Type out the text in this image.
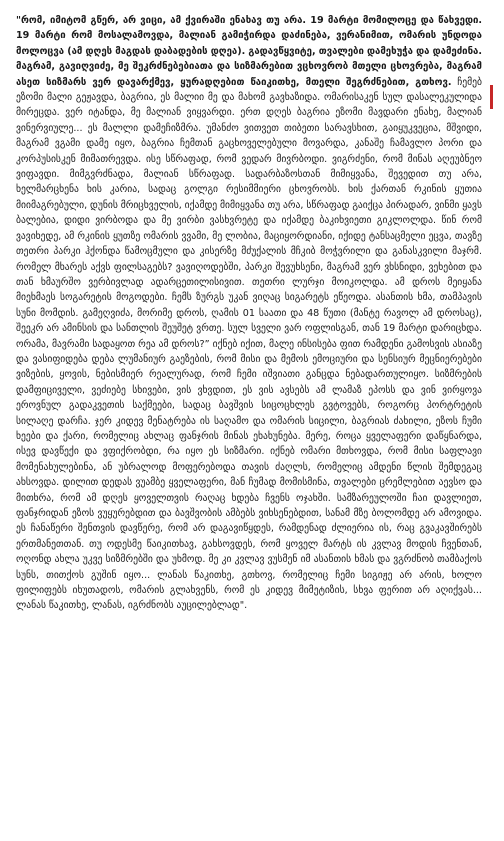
"რომ, იმიტომ გწერ, არ ვიცი, ამ ქვირაში ენახავ თუ არა. 19 მარტი მომილოცე და წახვედი. 19 მარტი რომ მოსალამოვდა, მალიან გამიჭირდა დაძინება, ვერანიმით, ომარის უნდოდა მოლოცვა (ამ დღეს მაგდას დაბადების დღეა). გადავწყვიტე, თვალები დამეხუჭა და დამეძინა. მაგრამ, გავიღვიძე, მე შეკრძნებებიათა და სიზმარებით ვცხოვრობ მთელი ცხოვრება, მაგრამ ასეთ სიზმარს ვერ დავარქმევ, ყურადღებით წაიკითხე, მთელი შეგრძნებით, გთხოვ. ჩემებ ეზომი მალი გეჟავდა, ბაგრია, ეს მალიი მე და მახომ გავხაზიდა. ომარისაკენ სულ დასალეკულიდა მირეცდა. ვერ იტანდა, მე მალიან ვიყვარდი. ერთ დღეს ბაგრია ეზომი მავდარი ენახე, მალიან ვინერვიულე... ეს მალლი დამეჩიზმრა. უმანძო ვითვეთ თიბეთი სარავსხით, გაიყუკვეცია, მშვიდი, მაგრამ ვგამი დამე იყო, ბაგრია ჩემთან გაცხოველებული მოვარდა, კანაშე ჩამავლო პორი და კორპუსისკენ მიმათრევდა. ისე სწრაფად, რომ ვედარ მივრბოდი. ვიგრძენი, რომ მინას აღეუბნეო ვიფავდი. მიმგვრძნადა, მალიან სწრაფად. სადარბაზოსთან მიმიყვანა, შევედით თუ არა, ხელმარცხენა ხის კარია, სადაც გოლგი რესიმმიერი ცხოვრობს. ხის ქართან რკინის ყუთია მიიმაგრებული, დუნის მრიცხველის, იქამდე მიმიყვანა თუ არა, სწრაფად გაიქცა პირადარ, ვინმი ყავს ბალებია, დიდი ვირბოდა და მე ვირბი ვასხვრეტე და იქამდე ბაკიხვიეთი გიკლოლდა. წინ რომ ვავიხედე, ამ რკინის ყუთზე ომარის ვვამი, მე ლობია, მაციყორდიანი, იქიდე ტანსაცმელი ეცვა, თავზე თეთრი პარკი ჰქონდა წამოცმული და კისერზე მძუქალის მჩკიბ მოჭვრილი და განასკვილი მაჯრმ. რომელ მხარეს აქვს ფილსაგებს? ვავიღოდებში, პარკი შევუხსენი, მაგრამ ვერ ვხსნიდი, ვეხებით და თან ხმაურშო ვერბივლად ადარცეთილისივით. თეთრი ლურჯი მოიკოლდა. ამ დროს მეიყანა მიეხმაეს სოგარეტის მოგოდები. ჩემს ზურგს უკან ვიღაც სიგარეტს ეწეოდა. ასანთის ხმა, თამპავის სუნი მომდის. გამეღვიძა, მორიმე დროს, ღამის 01 საათი და 48 წუთი (მანტე რავოლ ამ დროსაც), შეეკრ არ ამინსის და სანთლის შეუშეტ ვრთე. სულ სველი ვარ ოფლისგან, თან 19 მარტი დარიცხდა. ორამა, მავრამი სადაყოთ რეა ამ დროს?” იქნებ იქით, მალე ინსისება ფით რამდენი გამოსვის ასიაზე და ვასიფიდება დება ლუმანიურ გაეზების, რომ მისი და მემოს ემოციური და სენსიურ მეცნიერებები ვიზების, ყოვის, ნებისმიერ რეალურად, რომ ჩემი იშვიათი განცდა ნებადართულიყო. სიზმრების დამფიციველი, ვეძიებე სხივები, ვის ვხვდით, ეს ვის ავსებს ამ ლამაზ ეპოსს და ვინ ვირყოვა ეროვნულ გადაკვეთის საქმეები, სადაც ბავშვის სიცოცხლეს გვტოვებს, როგორც პორტრეტის სილაღე დარჩა. ჯერ კიდევ მენატრება ის საღამო და ომარის სიცილი, ბაგრიას ძახილი, ეზოს ჩუმი ხეები და ქარი, რომელიც ახლაც ფანჯრის მინას ეხახუნება. მერე, როცა ყველაფერი დაწყნარდა, ისევ დავწექი და ვფიქრობდი, რა იყო ეს სიზმარი. იქნებ ომარი მთხოვდა, რომ მისი საფლავი მომენახულებინა, ან უბრალოდ მოფერებოდა თავის ძაღლს, რომელიც ამდენი წლის შემდეგაც ახსოვდა. დილით დედას ვუამბე ყველაფერი, მან ჩუმად მომისმინა, თვალები ცრემლებით აევსო და მითხრა, რომ ამ დღეს ყოველთვის რაღაც ხდება ჩვენს ოჯახში. სამზარეულოში ჩაი დავლიეთ, ფანჯრიდან ეზოს ვუყურებდით და ბავშვობის ამბებს ვიხსენებდით, სანამ მზე ბოლომდე არ ამოვიდა. ეს ჩანაწერი შენთვის დავწერე, რომ არ დაგავიწყდეს, რამდენად ძლიერია ის, რაც გვაკავშირებს ერთმანეთთან. თუ ოდესმე წაიკითხავ, გახსოვდეს, რომ ყოველ მარტს ის კვლავ მოდის ჩვენთან, ოღონდ ახლა უკვე სიზმრებში და უხმოდ. მე კი კვლავ ვუსმენ იმ ასანთის ხმას და ვგრძნობ თამბაქოს სუნს, თითქოს გუშინ იყო... ლანას წაკითხე, გთხოვ, რომელიც ჩემი სიგიჟე არ არის, ხოლო ფილიფებს იხუთადოს, ომარის გლახვენს, რომ ეს კიდევ მიმეტიზის, სხვა ფერით არ აღიქვას... ლანას წაკითხე, ლანას, იგრძნობს აუცილებლად".
